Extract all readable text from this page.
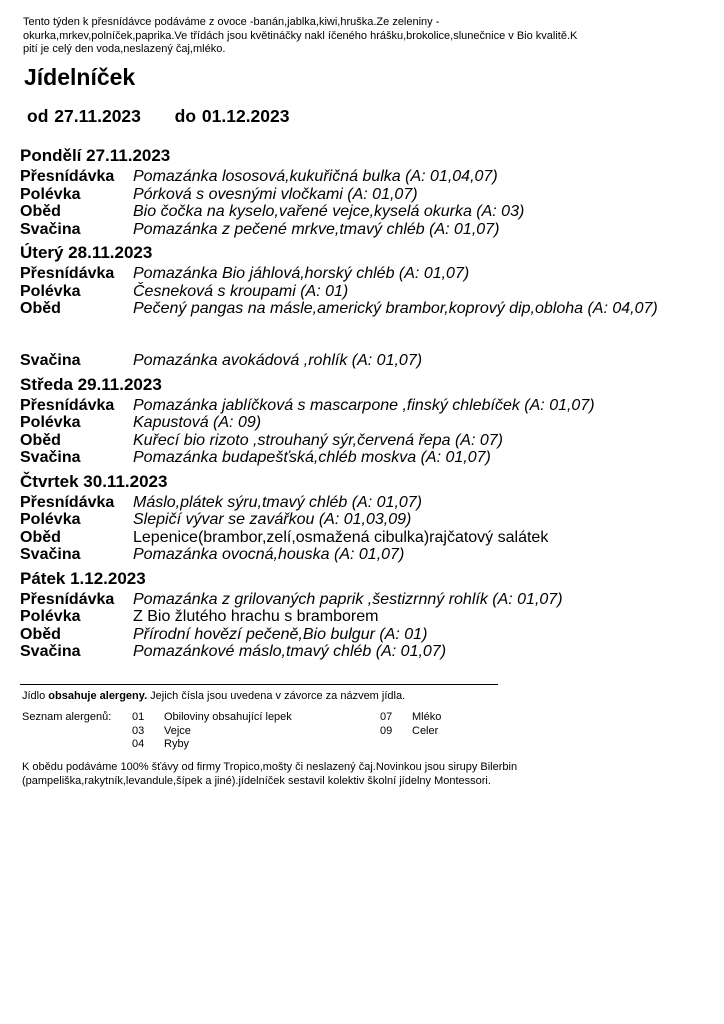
Tento týden k přesnídávce podáváme z ovoce -banán,jablka,kiwi,hruška.Ze zeleniny - okurka,mrkev,polníček,paprika.Ve třídách jsou květináčky nakl íčeného hrášku,brokolice,slunečnice v Bio kvalitě.K pití je celý den voda,neslazený čaj,mléko.
Jídelníček
od 27.11.2023 do 01.12.2023
Pondělí 27.11.2023
Přesnídávka	Pomazánka lososová,kukuřičná bulka (A: 01,04,07)
Polévka	Pórková s ovesnými vločkami (A: 01,07)
Oběd	Bio čočka na kyselo,vařené vejce,kyselá okurka (A: 03)
Svačina	Pomazánka z pečené mrkve,tmavý chléb (A: 01,07)
Úterý 28.11.2023
Přesnídávka	Pomazánka Bio jáhlová,horský chléb (A: 01,07)
Polévka	Česneková s kroupami (A: 01)
Oběd	Pečený pangas na másle,americký brambor,koprový dip,obloha (A: 04,07)
Svačina	Pomazánka avokádová ,rohlík (A: 01,07)
Středa 29.11.2023
Přesnídávka	Pomazánka jablíčková s mascarpone ,finský chlebíček (A: 01,07)
Polévka	Kapustová (A: 09)
Oběd	Kuřecí bio rizoto ,strouhaný sýr,červená řepa (A: 07)
Svačina	Pomazánka budapešťská,chléb moskva (A: 01,07)
Čtvrtek 30.11.2023
Přesnídávka	Máslo,plátek sýru,tmavý chléb (A: 01,07)
Polévka	Slepičí vývar se zavářkou (A: 01,03,09)
Oběd	Lepenice(brambor,zelí,osmažená cibulka)rajčatový salátek
Svačina	Pomazánka ovocná,houska (A: 01,07)
Pátek 1.12.2023
Přesnídávka	Pomazánka z grilovaných paprik ,šestizrnný rohlík (A: 01,07)
Polévka	Z Bio žlutého hrachu s bramborem
Oběd	Přírodní hovězí pečeně,Bio bulgur (A: 01)
Svačina	Pomazánkové máslo,tmavý chléb (A: 01,07)
Jídlo obsahuje alergeny. Jejich čísla jsou uvedena v závorce za názvem jídla.
Seznam alergenů:	01	Obiloviny obsahující lepek
03	Vejce
04	Ryby
07	Mléko
09	Celer
K obědu podáváme 100% šťávy od firmy Tropico,mošty či neslazený čaj.Novinkou jsou sirupy Bilerbin (pampeliška,rakytník,levandule,šípek a jiné).jídelníček sestavil kolektiv školní jídelny Montessori.
